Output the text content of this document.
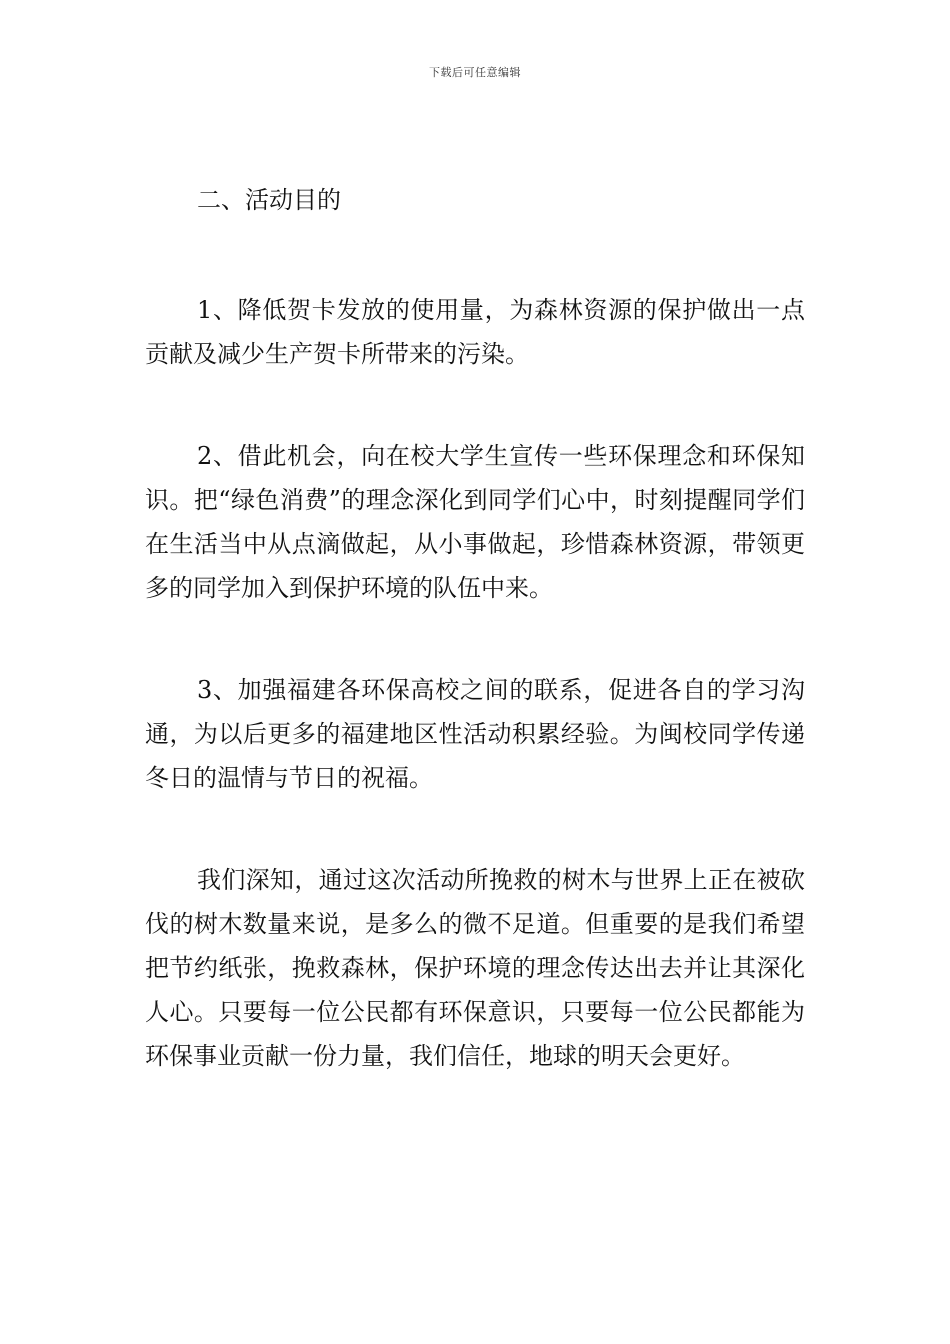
下载后可任意编辑
二、活动目的

1、降低贺卡发放的使用量，为森林资源的保护做出一点贡献及减少生产贺卡所带来的污染。

2、借此机会，向在校大学生宣传一些环保理念和环保知识。把“绿色消费”的理念深化到同学们心中，时刻提醒同学们在生活当中从点滴做起，从小事做起，珍惜森林资源，带领更多的同学加入到保护环境的队伍中来。

3、加强福建各环保高校之间的联系，促进各自的学习沟通，为以后更多的福建地区性活动积累经验。为闽校同学传递冬日的温情与节日的祝福。

我们深知，通过这次活动所挽救的树木与世界上正在被砍伐的树木数量来说，是多么的微不足道。但重要的是我们希望把节约纸张，挽救森林，保护环境的理念传达出去并让其深化人心。只要每一位公民都有环保意识，只要每一位公民都能为环保事业贡献一份力量，我们信任，地球的明天会更好。
